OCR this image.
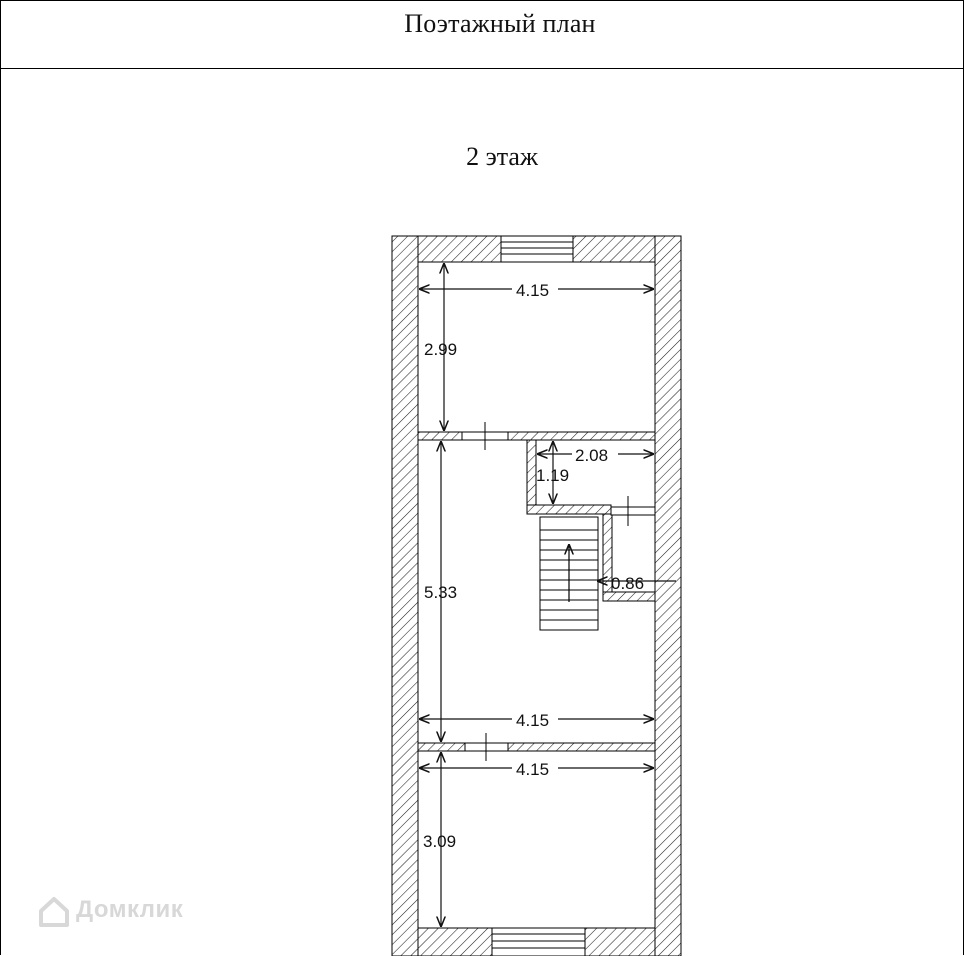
Поэтажный план
2 этаж
4.15
2.99
2.08
1.19
0.86
5.33
4.15
4.15
3.09
Домклик
